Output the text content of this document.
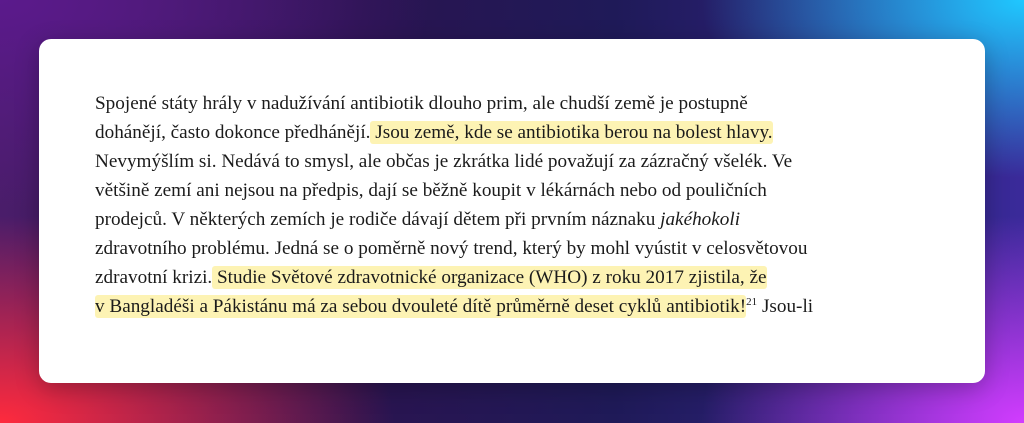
Spojené státy hrály v nadužívání antibiotik dlouho prim, ale chudší země je postupně
dohánějí, často dokonce předhánějí. Jsou země, kde se antibiotika berou na bolest hlavy.
Nevymýšlím si. Nedává to smysl, ale občas je zkrátka lidé považují za zázračný všelék. Ve
většině zemí ani nejsou na předpis, dají se běžně koupit v lékárnách nebo od pouličních
prodejců. V některých zemích je rodiče dávají dětem při prvním náznaku jakéhokoli
zdravotního problému. Jedná se o poměrně nový trend, který by mohl vyústit v celosvětovou
zdravotní krizi. Studie Světové zdravotnické organizace (WHO) z roku 2017 zjistila, že
v Bangladéši a Pákistánu má za sebou dvouleté dítě průměrně deset cyklů antibiotik!$^{21}$ Jsou-li
